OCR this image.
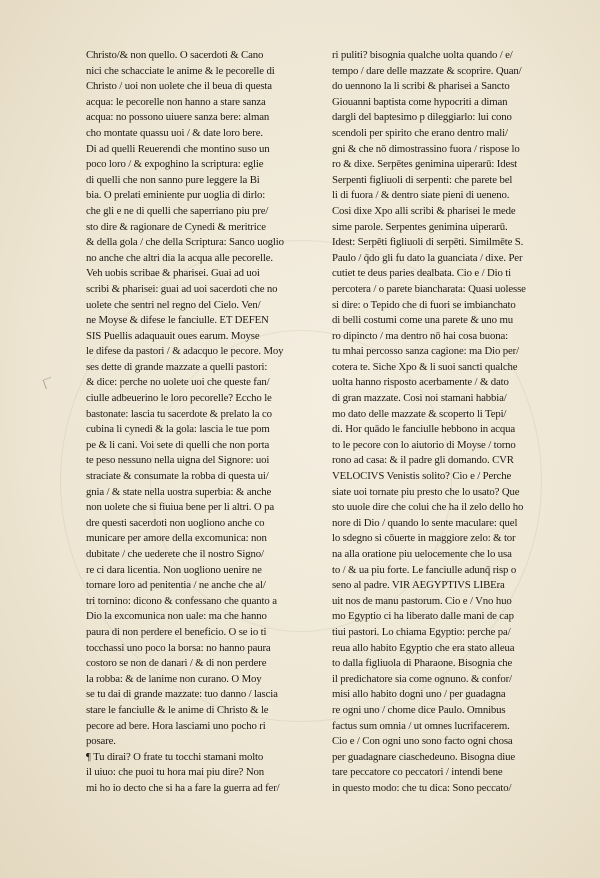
Christo/& non quello. O sacerdoti & Cano
nici che schacciate le anime & le pecorelle di
Christo / uoi non uolete che il beua di questa
acqua: le pecorelle non hanno a stare sanza
acqua: no possono uiuere sanza bere: alman
cho montate quassu uoi / & date loro bere.
Di ad quelli Reuerendi che montino suso un
poco loro / & expoghino la scriptura: eglie
di quelli che non sanno pure leggere la Bi
bia. O prelati eminiente pur uoglia di dirlo:
che gli e ne di quelli che saperriano piu pre/
sto dire & ragionare de Cynedi & meritrice
& della gola / che della Scriptura: Sanco uoglio
no anche che altri dia la acqua alle pecorelle.
Veh uobis scribae & pharisei. Guai ad uoi
scribi & pharisei: guai ad uoi sacerdoti che no
uolete che sentri nel regno del Cielo. Ven/
ne Moyse & difese le fanciulle. ET DEFEN
SIS Puellis adaquauit oues earum. Moyse
le difese da pastori / & adacquo le pecore. Moy
ses dette di grande mazzate a quelli pastori:
& dice: perche no uolete uoi che queste fan/
ciulle adbeuerino le loro pecorelle? Eccho le
bastonate: lascia tu sacerdote & prelato la co
cubina li cynedi & la gola: lascia le tue pom
pe & li cani. Voi sete di quelli che non porta
te peso nessuno nella uigna del Signore: uoi
straciate & consumate la robba di questa ui/
gnia / & state nella uostra superbia: & anche
non uolete che si fiuiua bene per li altri. O pa
dre questi sacerdoti non uogliono anche co
municare per amore della excomunica: non
dubitate / che uederete che il nostro Signo/
re ci dara licentia. Non uogliono uenire ne
tornare loro ad penitentia / ne anche che al/
tri tornino: dicono & confessano che quanto a
Dio la excomunica non uale: ma che hanno
paura di non perdere el beneficio. O se io ti
tocchassi uno poco la borsa: no hanno paura
costoro se non de danari / & di non perdere
la robba: & de lanime non curano. O Moy
se tu dai di grande mazzate: tuo danno / lascia
stare le fanciulle & le anime di Christo & le
pecore ad bere. Hora lasciami uno pocho ri
posare.
¶ Tu dirai? O frate tu tocchi stamani molto
il uiuo: che puoi tu hora mai piu dire? Non
mi ho io decto che si ha a fare la guerra ad fer/
ri puliti? bisognia qualche uolta quando / e/
tempo / dare delle mazzate & scoprire. Quan/
do uennono la li scribi & pharisei a Sancto
Giouanni baptista come hypocriti a diman
dargli del baptesimo p dileggiarlo: lui cono
scendoli per spirito che erano dentro mali/
gni & che nō dimostrassino fuora / rispose lo
ro & dixe. Serpētes genimina uiperarū: Idest
Serpenti figliuoli di serpenti: che parete bel
li di fuora / & dentro siate pieni di ueneno.
Cosi dixe Xpo alli scribi & pharisei le mede
sime parole. Serpentes genimina uiperarū.
Idest: Serpēti figliuoli di serpēti. Similmēte S.
Paulo / q̄do gli fu dato la guanciata / dixe. Per
cutiet te deus paries dealbata. Cio e / Dio ti
percotera / o parete biancharata: Quasi uolesse
si dire: o Tepido che di fuori se imbianchato
di belli costumi come una parete & uno mu
ro dipincto / ma dentro nō hai cosa buona:
tu mhai percosso sanza cagione: ma Dio per/
cotera te. Siche Xpo & li suoi sancti qualche
uolta hanno risposto acerbamente / & dato
di gran mazzate. Cosi noi stamani habbia/
mo dato delle mazzate & scoperto li Tepi/
di. Hor quādo le fanciulle hebbono in acqua
to le pecore con lo aiutorio di Moyse / torno
rono ad casa: & il padre gli domando. CVR
VELOCIVS Venistis solito? Cio e / Perche
siate uoi tornate piu presto che lo usato? Que
sto uuole dire che colui che ha il zelo dello ho
nore di Dio / quando lo sente maculare: quel
lo sdegno si cōuerte in maggiore zelo: & tor
na alla oratione piu uelocemente che lo usa
to / & ua piu forte. Le fanciulle adunq̄ risp o
seno al padre. VIR AEGYPTIVS LIBEra
uit nos de manu pastorum. Cio e / Vno huo
mo Egyptio ci ha liberato dalle mani de cap
tiui pastori. Lo chiama Egyptio: perche pa/
reua allo habito Egyptio che era stato alleua
to dalla figliuola di Pharaone. Bisognia che
il predichatore sia come ognuno. & confor/
misi allo habito dogni uno / per guadagna
re ogni uno / chome dice Paulo. Omnibus
factus sum omnia / ut omnes lucrifacerem.
Cio e / Con ogni uno sono facto ogni chosa
per guadagnare ciaschedeuno. Bisogna diue
tare peccatore co peccatori / intendi bene
in questo modo: che tu dica: Sono peccato/
